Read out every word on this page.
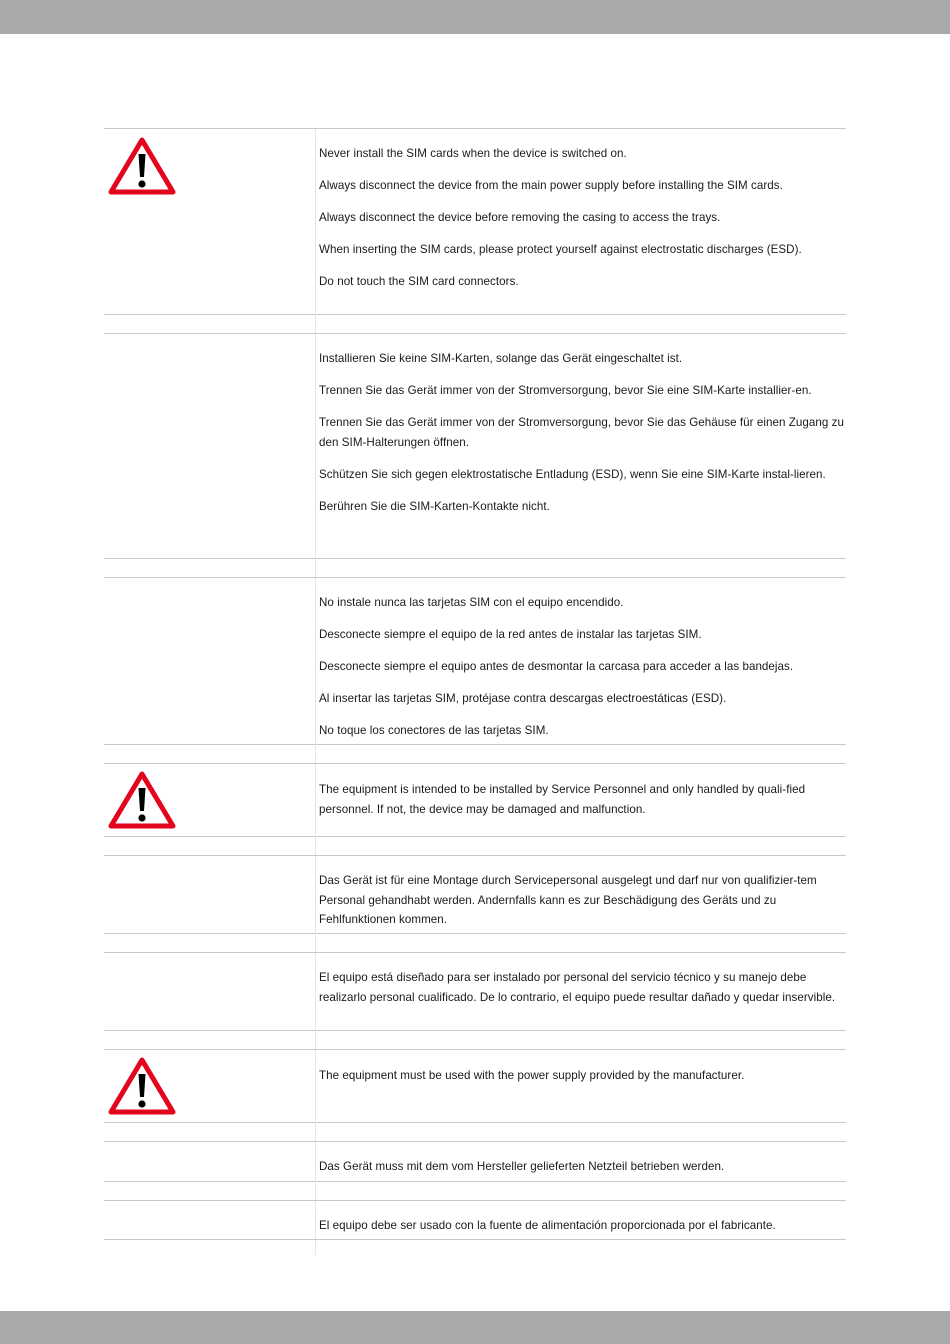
Never install the SIM cards when the device is switched on.

Always disconnect the device from the main power supply before installing the SIM cards.

Always disconnect the device before removing the casing to access the trays.

When inserting the SIM cards, please protect yourself against electrostatic discharges (ESD).

Do not touch the SIM card connectors.

Installieren Sie keine SIM-Karten, solange das Gerät eingeschaltet ist.

Trennen Sie das Gerät immer von der Stromversorgung, bevor Sie eine SIM-Karte installier-en.

Trennen Sie das Gerät immer von der Stromversorgung, bevor Sie das Gehäuse für einen Zugang zu den SIM-Halterungen öffnen.

Schützen Sie sich gegen elektrostatische Entladung (ESD), wenn Sie eine SIM-Karte instal-lieren.

Berühren Sie die SIM-Karten-Kontakte nicht.

No instale nunca las tarjetas SIM con el equipo encendido.

Desconecte siempre el equipo de la red antes de instalar las tarjetas SIM.

Desconecte siempre el equipo antes de desmontar la carcasa para acceder a las bandejas.

Al insertar las tarjetas SIM, protéjase contra descargas electroestáticas (ESD).

No toque los conectores de las tarjetas SIM.

The equipment is intended to be installed by Service Personnel and only handled by quali-fied personnel. If not, the device may be damaged and malfunction.

Das Gerät ist für eine Montage durch Servicepersonal ausgelegt und darf nur von qualifizier-tem Personal gehandhabt werden. Andernfalls kann es zur Beschädigung des Geräts und zu Fehlfunktionen kommen.

El equipo está diseñado para ser instalado por personal del servicio técnico y su manejo debe realizarlo personal cualificado. De lo contrario, el equipo puede resultar dañado y quedar inservible.

The equipment must be used with the power supply provided by the manufacturer.

Das Gerät muss mit dem vom Hersteller gelieferten Netzteil betrieben werden.

El equipo debe ser usado con la fuente de alimentación proporcionada por el fabricante.
